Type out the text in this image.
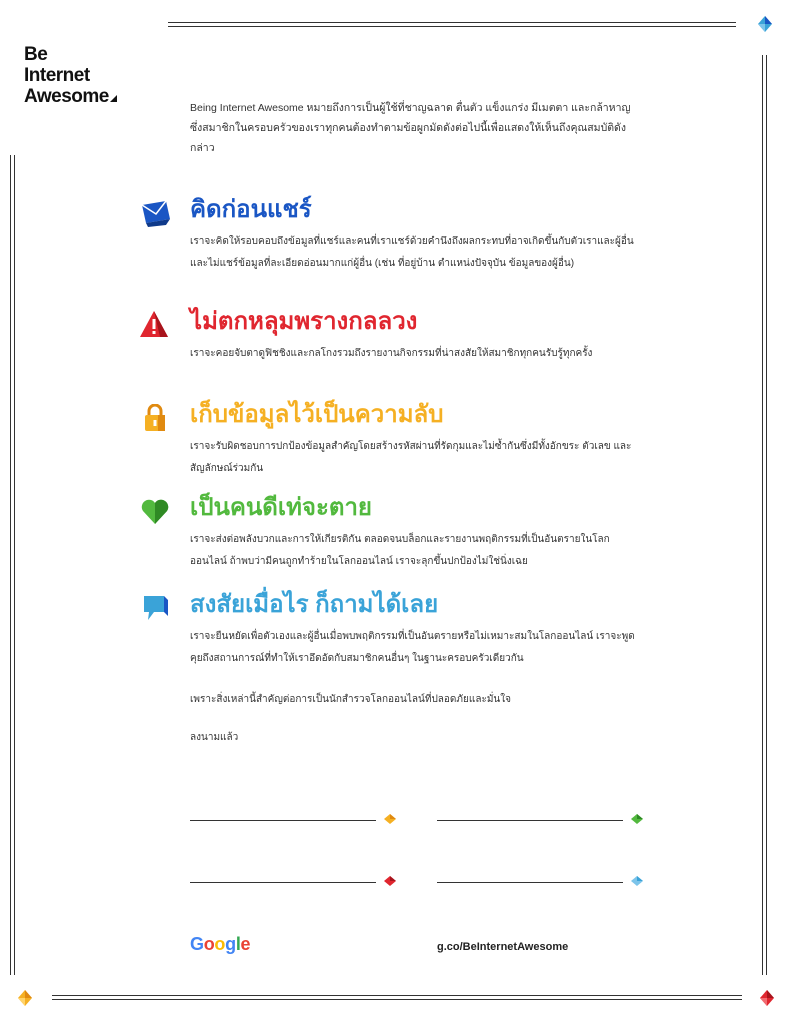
Be
Internet
Awesome
Being Internet Awesome หมายถึงการเป็นผู้ใช้ที่ชาญฉลาด ตื่นตัว แข็งแกร่ง มีเมตตา และกล้าหาญซึ่งสมาชิกในครอบครัวของเราทุกคนต้องทำตามข้อผูกมัดดังต่อไปนี้เพื่อแสดงให้เห็นถึงคุณสมบัติดังกล่าว
คิดก่อนแชร์
เราจะคิดให้รอบคอบถึงข้อมูลที่แชร์และคนที่เราแชร์ด้วยคำนึงถึงผลกระทบที่อาจเกิดขึ้นกับตัวเราและผู้อื่น และไม่แชร์ข้อมูลที่ละเอียดอ่อนมากแก่ผู้อื่น (เช่น ที่อยู่บ้าน ตำแหน่งปัจจุบัน ข้อมูลของผู้อื่น)
ไม่ตกหลุมพรางกลลวง
เราจะคอยจับตาดูฟิชชิงและกลโกงรวมถึงรายงานกิจกรรมที่น่าสงสัยให้สมาชิกทุกคนรับรู้ทุกครั้ง
เก็บข้อมูลไว้เป็นความลับ
เราจะรับผิดชอบการปกป้องข้อมูลสำคัญโดยสร้างรหัสผ่านที่รัดกุมและไม่ซ้ำกันซึ่งมีทั้งอักขระ ตัวเลข และสัญลักษณ์ร่วมกัน
เป็นคนดีเท่จะตาย
เราจะส่งต่อพลังบวกและการให้เกียรติกัน ตลอดจนบล็อกและรายงานพฤติกรรมที่เป็นอันตรายในโลกออนไลน์ ถ้าพบว่ามีคนถูกทำร้ายในโลกออนไลน์ เราจะลุกขึ้นปกป้องไม่ใช่นิ่งเฉย
สงสัยเมื่อไร ก็ถามได้เลย
เราจะยืนหยัดเพื่อตัวเองและผู้อื่นเมื่อพบพฤติกรรมที่เป็นอันตรายหรือไม่เหมาะสมในโลกออนไลน์ เราจะพูดคุยถึงสถานการณ์ที่ทำให้เราอึดอัดกับสมาชิกคนอื่นๆ ในฐานะครอบครัวเดียวกัน
เพราะสิ่งเหล่านี้สำคัญต่อการเป็นนักสำรวจโลกออนไลน์ที่ปลอดภัยและมั่นใจ
ลงนามแล้ว
Google	g.co/BeInternetAwesome
